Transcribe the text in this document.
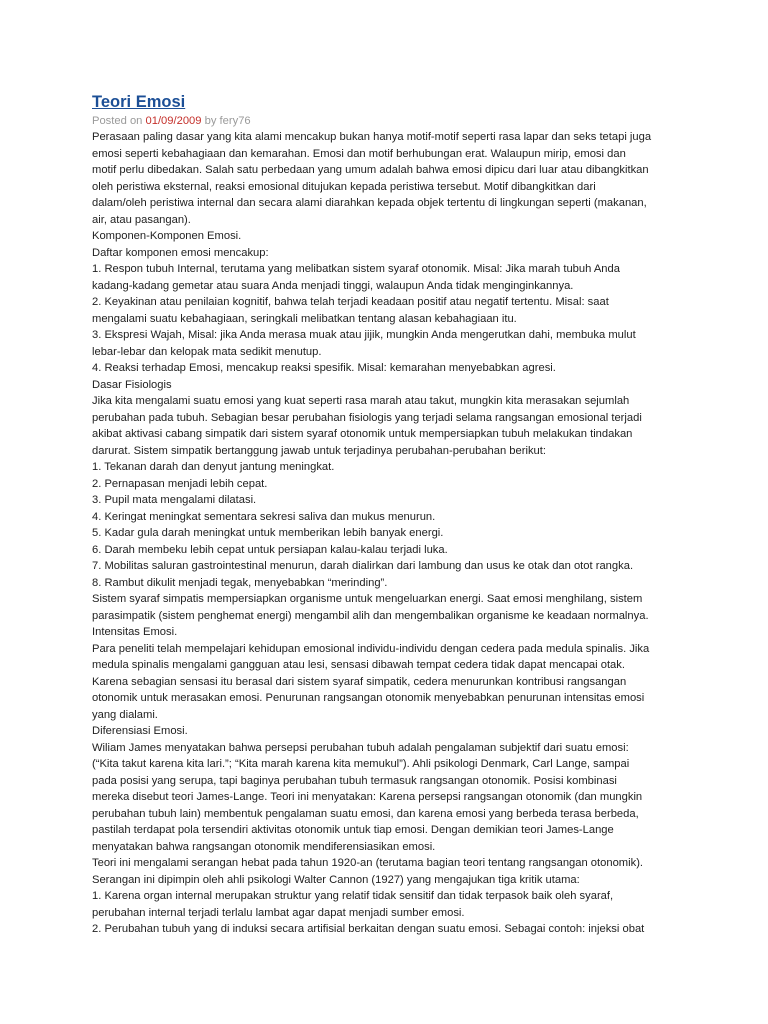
Teori Emosi
Posted on 01/09/2009 by fery76
Perasaan paling dasar yang kita alami mencakup bukan hanya motif-motif seperti rasa lapar dan seks tetapi juga
emosi seperti kebahagiaan dan kemarahan. Emosi dan motif berhubungan erat. Walaupun mirip, emosi dan
motif perlu dibedakan. Salah satu perbedaan yang umum adalah bahwa emosi dipicu dari luar atau dibangkitkan
oleh peristiwa eksternal, reaksi emosional ditujukan kepada peristiwa tersebut. Motif dibangkitkan dari
dalam/oleh peristiwa internal dan secara alami diarahkan kepada objek tertentu di lingkungan seperti (makanan,
air, atau pasangan).
Komponen-Komponen Emosi.
Daftar komponen emosi mencakup:
1. Respon tubuh Internal, terutama yang melibatkan sistem syaraf otonomik. Misal: Jika marah tubuh Anda
kadang-kadang gemetar atau suara Anda menjadi tinggi, walaupun Anda tidak menginginkannya.
2. Keyakinan atau penilaian kognitif, bahwa telah terjadi keadaan positif atau negatif tertentu. Misal: saat
mengalami suatu kebahagiaan, seringkali melibatkan tentang alasan kebahagiaan itu.
3. Ekspresi Wajah, Misal: jika Anda merasa muak atau jijik, mungkin Anda mengerutkan dahi, membuka mulut
lebar-lebar dan kelopak mata sedikit menutup.
4. Reaksi terhadap Emosi, mencakup reaksi spesifik. Misal: kemarahan menyebabkan agresi.
Dasar Fisiologis
Jika kita mengalami suatu emosi yang kuat seperti rasa marah atau takut, mungkin kita merasakan sejumlah
perubahan pada tubuh. Sebagian besar perubahan fisiologis yang terjadi selama rangsangan emosional terjadi
akibat aktivasi cabang simpatik dari sistem syaraf otonomik untuk mempersiapkan tubuh melakukan tindakan
darurat. Sistem simpatik bertanggung jawab untuk terjadinya perubahan-perubahan berikut:
1. Tekanan darah dan denyut jantung meningkat.
2. Pernapasan menjadi lebih cepat.
3. Pupil mata mengalami dilatasi.
4. Keringat meningkat sementara sekresi saliva dan mukus menurun.
5. Kadar gula darah meningkat untuk memberikan lebih banyak energi.
6. Darah membeku lebih cepat untuk persiapan kalau-kalau terjadi luka.
7. Mobilitas saluran gastrointestinal menurun, darah dialirkan dari lambung dan usus ke otak dan otot rangka.
8. Rambut dikulit menjadi tegak, menyebabkan “merinding”.
Sistem syaraf simpatis mempersiapkan organisme untuk mengeluarkan energi. Saat emosi menghilang, sistem
parasimpatik (sistem penghemat energi) mengambil alih dan mengembalikan organisme ke keadaan normalnya.
Intensitas Emosi.
Para peneliti telah mempelajari kehidupan emosional individu-individu dengan cedera pada medula spinalis. Jika
medula spinalis mengalami gangguan atau lesi, sensasi dibawah tempat cedera tidak dapat mencapai otak.
Karena sebagian sensasi itu berasal dari sistem syaraf simpatik, cedera menurunkan kontribusi rangsangan
otonomik untuk merasakan emosi. Penurunan rangsangan otonomik menyebabkan penurunan intensitas emosi
yang dialami.
Diferensiasi Emosi.
Wiliam James menyatakan bahwa persepsi perubahan tubuh adalah pengalaman subjektif dari suatu emosi:
(“Kita takut karena kita lari.”; “Kita marah karena kita memukul”). Ahli psikologi Denmark, Carl Lange, sampai
pada posisi yang serupa, tapi baginya perubahan tubuh termasuk rangsangan otonomik. Posisi kombinasi
mereka disebut teori James-Lange. Teori ini menyatakan: Karena persepsi rangsangan otonomik (dan mungkin
perubahan tubuh lain) membentuk pengalaman suatu emosi, dan karena emosi yang berbeda terasa berbeda,
pastilah terdapat pola tersendiri aktivitas otonomik untuk tiap emosi. Dengan demikian teori James-Lange
menyatakan bahwa rangsangan otonomik mendiferensiasikan emosi.
Teori ini mengalami serangan hebat pada tahun 1920-an (terutama bagian teori tentang rangsangan otonomik).
Serangan ini dipimpin oleh ahli psikologi Walter Cannon (1927) yang mengajukan tiga kritik utama:
1. Karena organ internal merupakan struktur yang relatif tidak sensitif dan tidak terpasok baik oleh syaraf,
perubahan internal terjadi terlalu lambat agar dapat menjadi sumber emosi.
2. Perubahan tubuh yang di induksi secara artifisial berkaitan dengan suatu emosi. Sebagai contoh: injeksi obat
